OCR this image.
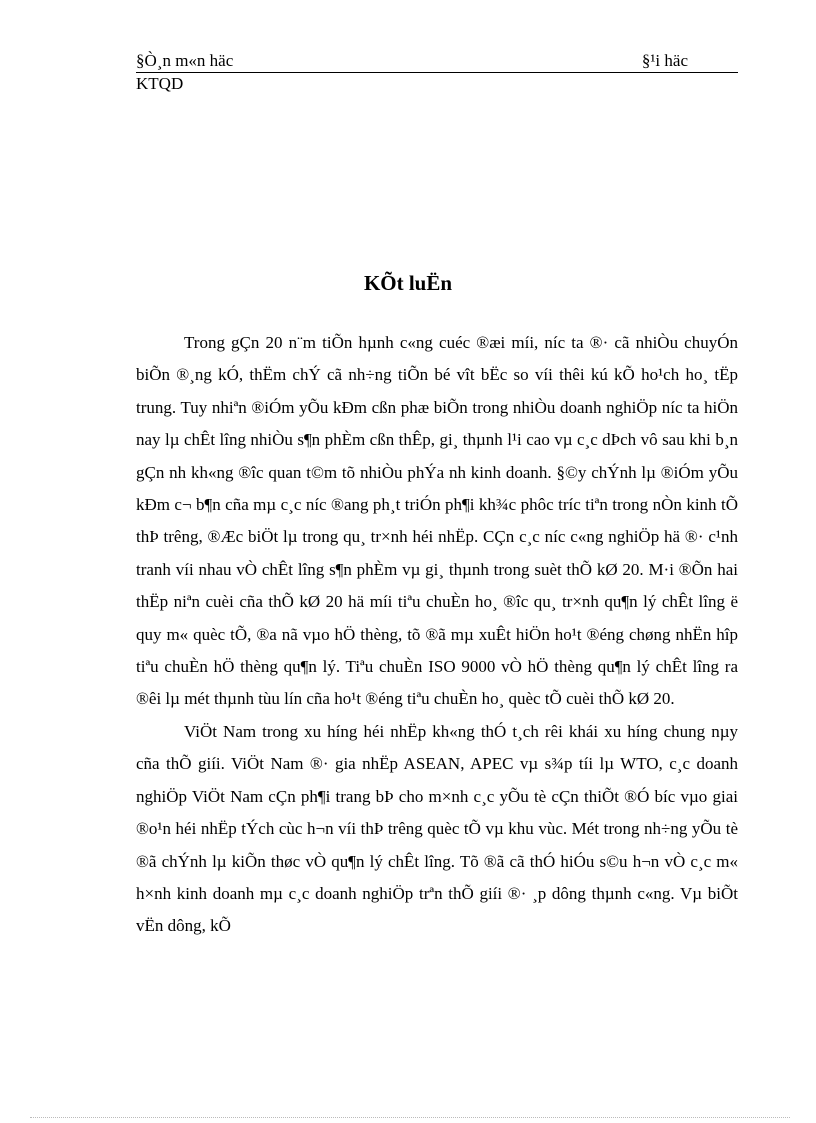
§Ò¸n m«n häc	§¹i häc
KTQD
KÕt luËn

Trong gÇn 20 n¨m tiÕn hµnh c«ng cuéc ®æi míi, níc ta ®· cã nhiÒu chuyÓn biÕn ®¸ng kÓ, thËm chÝ cã nh÷ng tiÕn bé vît bËc so víi thêi kú kÕ ho¹ch ho¸ tËp trung. Tuy nhiªn ®iÓm yÕu kÐm cßn phæ biÕn trong nhiÒu doanh nghiÖp níc ta hiÖn nay lµ chÊt lîng nhiÒu s¶n phÈm cßn thÊp, gi¸ thµnh l¹i cao vµ c¸c dÞch vô sau khi b¸n gÇn nh kh«ng ®îc quan t©m tõ nhiÒu phÝa nh kinh doanh. §©y chÝnh lµ ®iÓm yÕu kÐm c¬ b¶n cña mµ c¸c níc ®ang ph¸t triÓn ph¶i kh¾c phôc tríc tiªn trong nÒn kinh tÕ thÞ trêng, ®Æc biÖt lµ trong qu¸ tr×nh héi nhËp. CÇn c¸c níc c«ng nghiÖp hä ®· c¹nh tranh víi nhau vÒ chÊt lîng s¶n phÈm vµ gi¸ thµnh trong suèt thÕ kØ 20. M·i ®Õn hai thËp niªn cuèi cña thÕ kØ 20 hä míi tiªu chuÈn ho¸ ®îc qu¸ tr×nh qu¶n lý chÊt lîng ë quy m« quèc tÕ, ®a nã vµo hÖ thèng, tõ ®ã mµ xuÊt hiÖn ho¹t ®éng chøng nhËn hîp tiªu chuÈn hÖ thèng qu¶n lý. Tiªu chuÈn ISO 9000 vÒ hÖ thèng qu¶n lý chÊt lîng ra ®êi lµ mét thµnh tùu lín cña ho¹t ®éng tiªu chuÈn ho¸ quèc tÕ cuèi thÕ kØ 20.

ViÖt Nam trong xu híng héi nhËp kh«ng thÓ t¸ch rêi khái xu híng chung nµy cña thÕ giíi. ViÖt Nam ®· gia nhËp ASEAN, APEC vµ s¾p tíi lµ WTO, c¸c doanh nghiÖp ViÖt Nam cÇn ph¶i trang bÞ cho m×nh c¸c yÕu tè cÇn thiÕt ®Ó bíc vµo giai ®o¹n héi nhËp tÝch cùc h¬n víi thÞ trêng quèc tÕ vµ khu vùc. Mét trong nh÷ng yÕu tè ®ã chÝnh lµ kiÕn thøc vÒ qu¶n lý chÊt lîng. Tõ ®ã cã thÓ hiÓu s©u h¬n vÒ c¸c m« h×nh kinh doanh mµ c¸c doanh nghiÖp trªn thÕ giíi ®· ¸p dông thµnh c«ng. Vµ biÕt vËn dông, kÕ
